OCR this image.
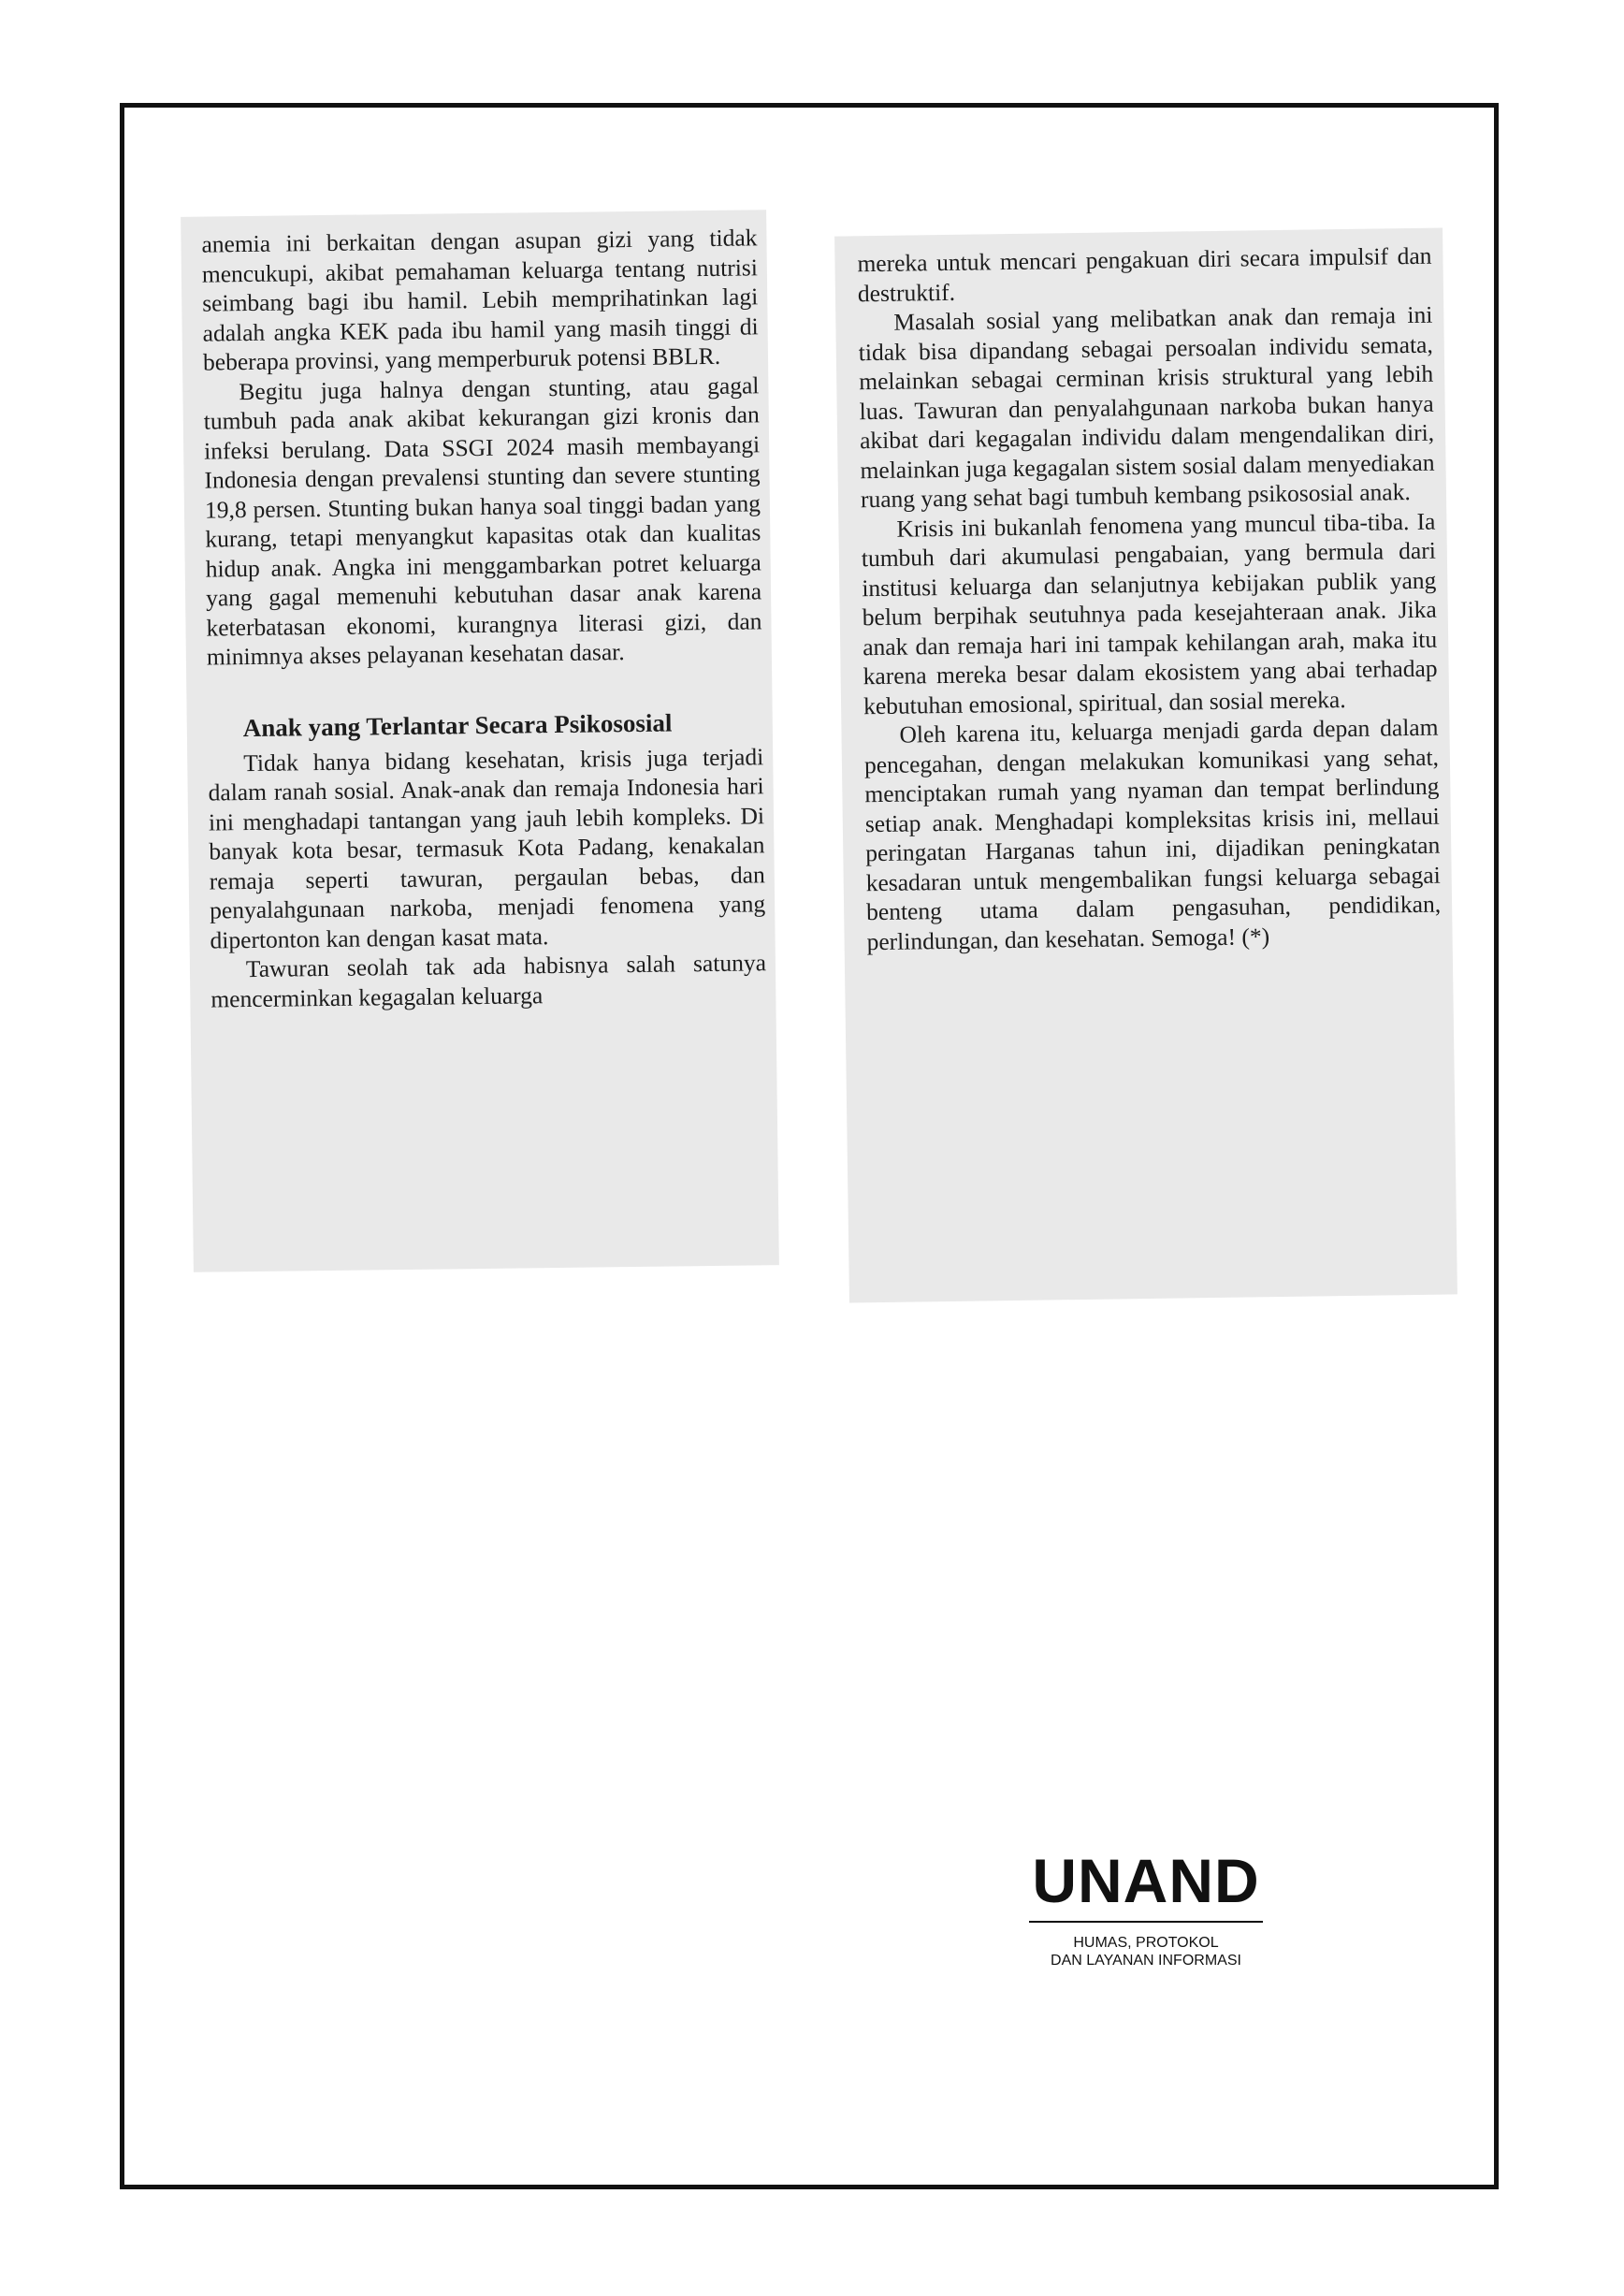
anemia ini berkaitan dengan asupan gizi yang tidak mencukupi, akibat pemahaman keluarga tentang nutrisi seimbang bagi ibu hamil. Lebih memprihatinkan lagi adalah angka KEK pada ibu hamil yang masih tinggi di beberapa provinsi, yang memperburuk potensi BBLR.

Begitu juga halnya dengan stunting, atau gagal tumbuh pada anak akibat kekurangan gizi kronis dan infeksi berulang. Data SSGI 2024 masih membayangi Indonesia dengan prevalensi stunting dan severe stunting 19,8 persen. Stunting bukan hanya soal tinggi badan yang kurang, tetapi menyangkut kapasitas otak dan kualitas hidup anak. Angka ini menggambarkan potret keluarga yang gagal memenuhi kebutuhan dasar anak karena keterbatasan ekonomi, kurangnya literasi gizi, dan minimnya akses pelayanan kesehatan dasar.

Anak yang Terlantar Secara Psikososial

Tidak hanya bidang kesehatan, krisis juga terjadi dalam ranah sosial. Anak-anak dan remaja Indonesia hari ini menghadapi tantangan yang jauh lebih kompleks. Di banyak kota besar, termasuk Kota Padang, kenakalan remaja seperti tawuran, pergaulan bebas, dan penyalahgunaan narkoba, menjadi fenomena yang dipertonton kan dengan kasat mata.

Tawuran seolah tak ada habisnya salah satunya mencerminkan kegagalan keluarga

mereka untuk mencari pengakuan diri secara impulsif dan destruktif.

Masalah sosial yang melibatkan anak dan remaja ini tidak bisa dipandang sebagai persoalan individu semata, melainkan sebagai cerminan krisis struktural yang lebih luas. Tawuran dan penyalahgunaan narkoba bukan hanya akibat dari kegagalan individu dalam mengendalikan diri, melainkan juga kegagalan sistem sosial dalam menyediakan ruang yang sehat bagi tumbuh kembang psikososial anak.

Krisis ini bukanlah fenomena yang muncul tiba-tiba. Ia tumbuh dari akumulasi pengabaian, yang bermula dari institusi keluarga dan selanjutnya kebijakan publik yang belum berpihak seutuhnya pada kesejahteraan anak. Jika anak dan remaja hari ini tampak kehilangan arah, maka itu karena mereka besar dalam ekosistem yang abai terhadap kebutuhan emosional, spiritual, dan sosial mereka.

Oleh karena itu, keluarga menjadi garda depan dalam pencegahan, dengan melakukan komunikasi yang sehat, menciptakan rumah yang nyaman dan tempat berlindung setiap anak. Menghadapi kompleksitas krisis ini, mellaui peringatan Harganas tahun ini, dijadikan peningkatan kesadaran untuk mengembalikan fungsi keluarga sebagai benteng utama dalam pengasuhan, pendidikan, perlindungan, dan kesehatan. Semoga! (*)

UNAND
HUMAS, PROTOKOL
DAN LAYANAN INFORMASI
